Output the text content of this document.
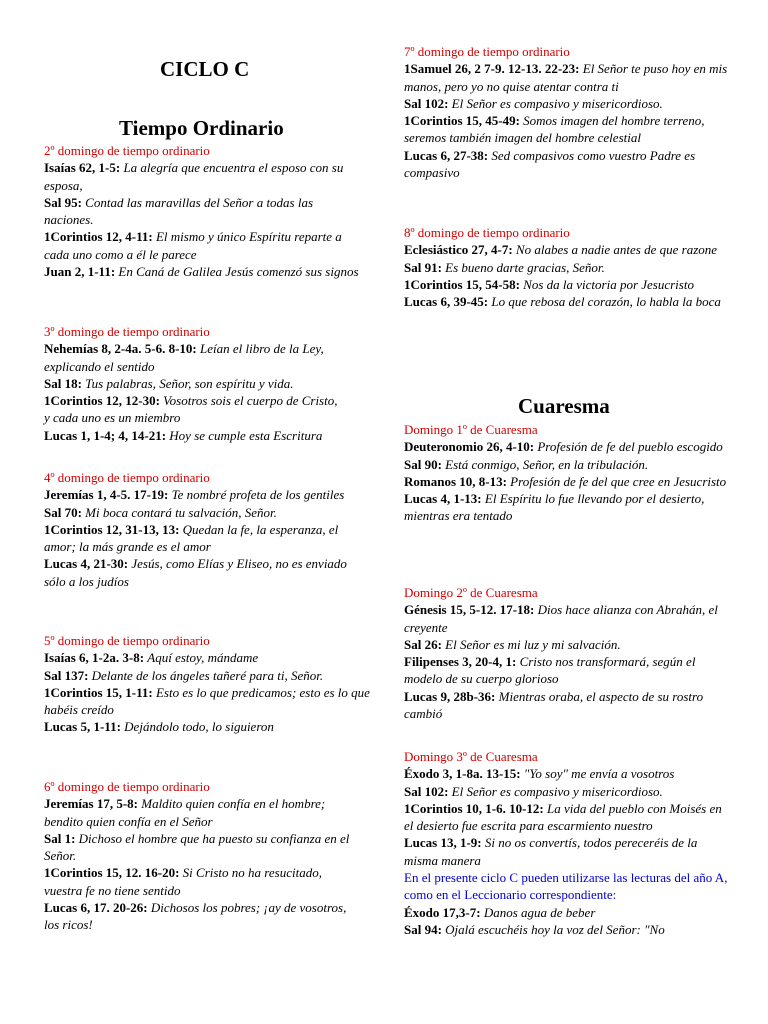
CICLO C
Tiempo Ordinario
2º domingo de tiempo ordinario
Isaías 62, 1-5: La alegría que encuentra el esposo con su esposa,
Sal 95: Contad las maravillas del Señor a todas las naciones.
1Corintios 12, 4-11: El mismo y único Espíritu reparte a cada uno como a él le parece
Juan 2, 1-11: En Caná de Galilea Jesús comenzó sus signos
3º domingo de tiempo ordinario
Nehemías 8, 2-4a. 5-6. 8-10: Leían el libro de la Ley, explicando el sentido
Sal 18: Tus palabras, Señor, son espíritu y vida.
1Corintios 12, 12-30: Vosotros sois el cuerpo de Cristo, y cada uno es un miembro
Lucas 1, 1-4; 4, 14-21: Hoy se cumple esta Escritura
4º domingo de tiempo ordinario
Jeremías 1, 4-5. 17-19: Te nombré profeta de los gentiles
Sal 70: Mi boca contará tu salvación, Señor.
1Corintios 12, 31-13, 13: Quedan la fe, la esperanza, el amor; la más grande es el amor
Lucas 4, 21-30: Jesús, como Elías y Eliseo, no es enviado sólo a los judíos
5º domingo de tiempo ordinario
Isaías 6, 1-2a. 3-8: Aquí estoy, mándame
Sal 137: Delante de los ángeles tañeré para ti, Señor.
1Corintios 15, 1-11: Esto es lo que predicamos; esto es lo que habéis creído
Lucas 5, 1-11: Dejándolo todo, lo siguieron
6º domingo de tiempo ordinario
Jeremías 17, 5-8: Maldito quien confía en el hombre; bendito quien confía en el Señor
Sal 1: Dichoso el hombre que ha puesto su confianza en el Señor.
1Corintios 15, 12. 16-20: Si Cristo no ha resucitado, vuestra fe no tiene sentido
Lucas 6, 17. 20-26: Dichosos los pobres; ¡ay de vosotros, los ricos!
7º domingo de tiempo ordinario
1Samuel 26, 2 7-9. 12-13. 22-23: El Señor te puso hoy en mis manos, pero yo no quise atentar contra ti
Sal 102: El Señor es compasivo y misericordioso.
1Corintios 15, 45-49: Somos imagen del hombre terreno, seremos también imagen del hombre celestial
Lucas 6, 27-38: Sed compasivos como vuestro Padre es compasivo
8º domingo de tiempo ordinario
Eclesiástico 27, 4-7: No alabes a nadie antes de que razone
Sal 91: Es bueno darte gracias, Señor.
1Corintios 15, 54-58: Nos da la victoria por Jesucristo
Lucas 6, 39-45: Lo que rebosa del corazón, lo habla la boca
Cuaresma
Domingo 1º de Cuaresma
Deuteronomio 26, 4-10: Profesión de fe del pueblo escogido
Sal 90: Está conmigo, Señor, en la tribulación.
Romanos 10, 8-13: Profesión de fe del que cree en Jesucristo
Lucas 4, 1-13: El Espíritu lo fue llevando por el desierto, mientras era tentado
Domingo 2º de Cuaresma
Génesis 15, 5-12. 17-18: Dios hace alianza con Abrahán, el creyente
Sal 26: El Señor es mi luz y mi salvación.
Filipenses 3, 20-4, 1: Cristo nos transformará, según el modelo de su cuerpo glorioso
Lucas 9, 28b-36: Mientras oraba, el aspecto de su rostro cambió
Domingo 3º de Cuaresma
Éxodo 3, 1-8a. 13-15: "Yo soy" me envía a vosotros
Sal 102: El Señor es compasivo y misericordioso.
1Corintios 10, 1-6. 10-12: La vida del pueblo con Moisés en el desierto fue escrita para escarmiento nuestro
Lucas 13, 1-9: Si no os convertís, todos pereceréis de la misma manera
En el presente ciclo C pueden utilizarse las lecturas del año A, como en el Leccionario correspondiente:
Éxodo 17,3-7: Danos agua de beber
Sal 94: Ojalá escuchéis hoy la voz del Señor: "No
